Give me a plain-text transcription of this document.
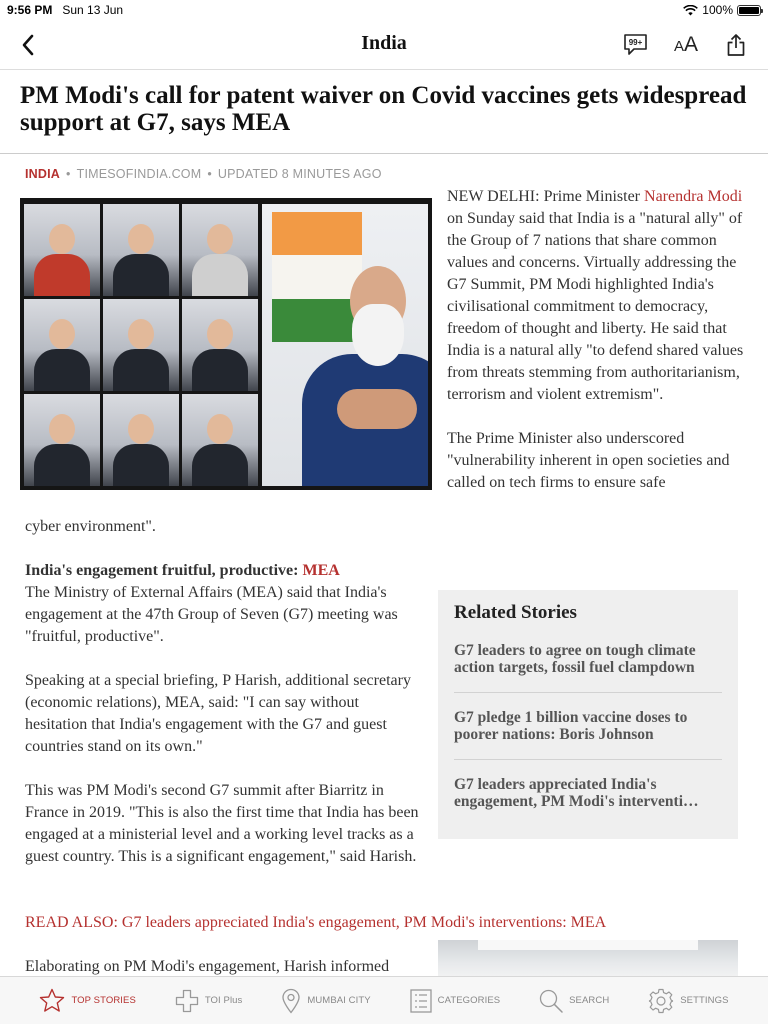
9:56 PM Sun 13 Jun	100%
India	99+ AA
PM Modi's call for patent waiver on Covid vaccines gets widespread support at G7, says MEA
INDIA • TIMESOFINDIA.COM • UPDATED 8 MINUTES AGO

NEW DELHI: Prime Minister Narendra Modi on Sunday said that India is a "natural ally" of the Group of 7 nations that share common values and concerns. Virtually addressing the G7 Summit, PM Modi highlighted India's civilisational commitment to democracy, freedom of thought and liberty. He said that India is a natural ally "to defend shared values from threats stemming from authoritarianism, terrorism and violent extremism".

The Prime Minister also underscored "vulnerability inherent in open societies and called on tech firms to ensure safe

cyber environment".
India's engagement fruitful, productive: MEA

The Ministry of External Affairs (MEA) said that India's engagement at the 47th Group of Seven (G7) meeting was "fruitful, productive".

Speaking at a special briefing, P Harish, additional secretary (economic relations), MEA, said: "I can say without hesitation that India's engagement with the G7 and guest countries stand on its own."

This was PM Modi's second G7 summit after Biarritz in France in 2019. "This is also the first time that India has been engaged at a ministerial level and a working level tracks as a guest country. This is a significant engagement," said Harish.

READ ALSO: G7 leaders appreciated India's engagement, PM Modi's interventions: MEA
Elaborating on PM Modi's engagement, Harish informed
Related Stories
G7 leaders to agree on tough climate
action targets, fossil fuel clampdown
G7 pledge 1 billion vaccine doses to
poorer nations: Boris Johnson
G7 leaders appreciated India's
engagement, PM Modi's interventi…
TOP STORIES	TOI Plus	MUMBAI CITY	CATEGORIES	SEARCH	SETTINGS
